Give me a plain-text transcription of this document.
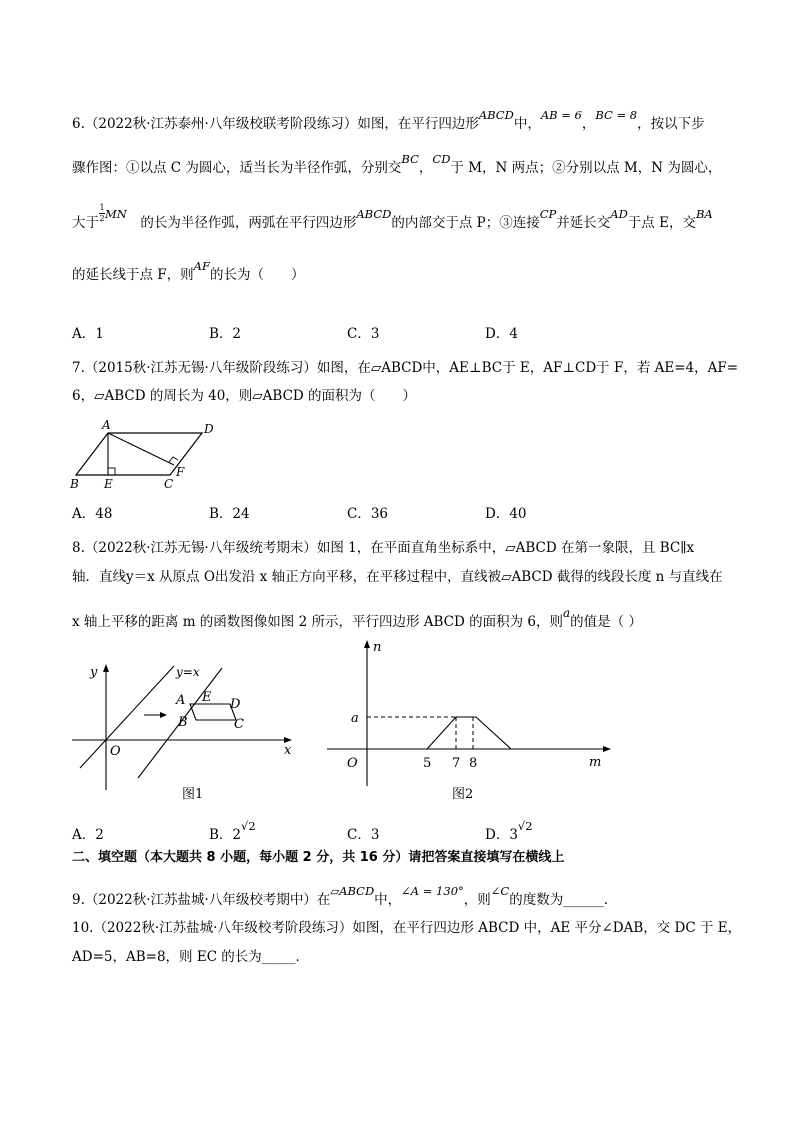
6.（2022秋·江苏泰州·八年级校联考阶段练习）如图，在平行四边形ABCD中，AB = 6，BC = 8，按以下步
骤作图：①以点 C 为圆心，适当长为半径作弧，分别交BC，CD于 M，N 两点；②分别以点 M，N 为圆心，
大于 $\frac{1}{2}$ MN　的长为半径作弧，两弧在平行四边形ABCD的内部交于点 P；③连接CP并延长交AD于点 E，交BA
的延长线于点 F，则AF的长为（　　）
A．1	B．2	C．3	D．4
7.（2015秋·江苏无锡·八年级阶段练习）如图，在▱ABCD中，AE⊥BC于 E，AF⊥CD于 F，若 AE=4，AF=
6，▱ABCD 的周长为 40，则▱ABCD 的面积为（　　）
A	D
B E	C
F
A．48	B．24	C．36	D．40
8.（2022秋·江苏无锡·八年级统考期末）如图 1，在平面直角坐标系中，▱ABCD 在第一象限，且 BC∥x
轴．直线y＝x 从原点 O出发沿 x 轴正方向平移，在平移过程中，直线被▱ABCD 截得的线段长度 n 与直线在
x 轴上平移的距离 m 的函数图像如图 2 所示，平行四边形 ABCD 的面积为 6，则a的值是（ ）
y	y=x
x
O
A E D
B	C
图1
n
a
O	5 7 8	m
图2
A．2	B．2√2
C．3	D．3√2
二、填空题（本大题共 8 小题，每小题 2 分，共 16 分）请把答案直接填写在横线上
9.（2022秋·江苏盐城·八年级校考期中）在▱ABCD中，∠A = 130°，则∠C的度数为______．
10.（2022秋·江苏盐城·八年级校考阶段练习）如图，在平行四边形 ABCD 中，AE 平分∠DAB，交 DC 于 E，
AD=5，AB=8，则 EC 的长为_____．
